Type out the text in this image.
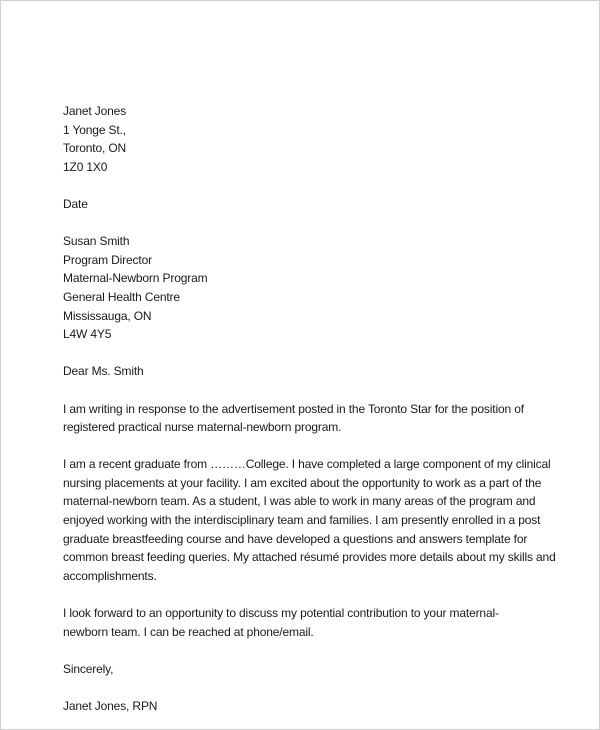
Janet Jones
1 Yonge St.,
Toronto, ON
1Z0 1X0
Date
Susan Smith
Program Director
Maternal-Newborn Program
General Health Centre
Mississauga, ON
L4W 4Y5
Dear Ms. Smith
I am writing in response to the advertisement posted in the Toronto Star for the position of
registered practical nurse maternal-newborn program.
I am a recent graduate from ………College. I have completed a large component of my clinical
nursing placements at your facility. I am excited about the opportunity to work as a part of the
maternal-newborn team. As a student, I was able to work in many areas of the program and
enjoyed working with the interdisciplinary team and families. I am presently enrolled in a post
graduate breastfeeding course and have developed a questions and answers template for
common breast feeding queries. My attached résumé provides more details about my skills and
accomplishments.
I look forward to an opportunity to discuss my potential contribution to your maternal-
newborn team. I can be reached at phone/email.
Sincerely,
Janet Jones, RPN
